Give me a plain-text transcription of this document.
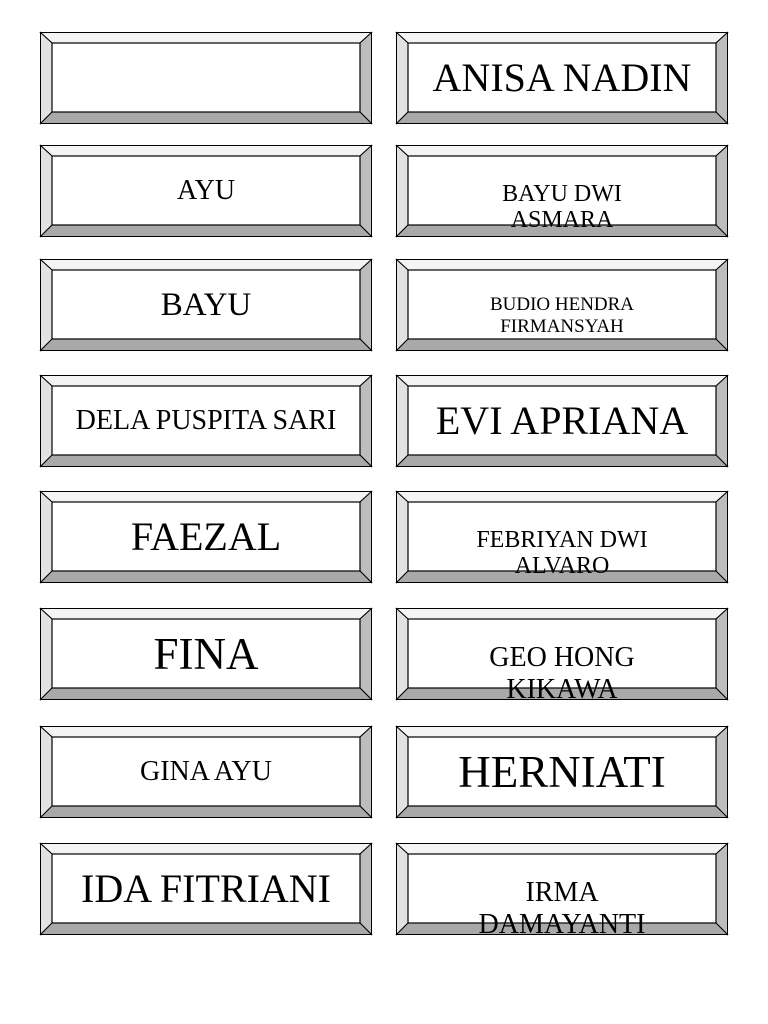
ANISA NADIN
AYU	BAYU DWI
ASMARA
BAYU	BUDIO HENDRA
FIRMANSYAH
DELA PUSPITA SARI EVI APRIANA
FAEZAL	FEBRIYAN DWI
ALVARO
FINA	GEO HONG
KIKAWA
GINA AYU	HERNIATI
IDA FITRIANI	IRMA
DAMAYANTI
